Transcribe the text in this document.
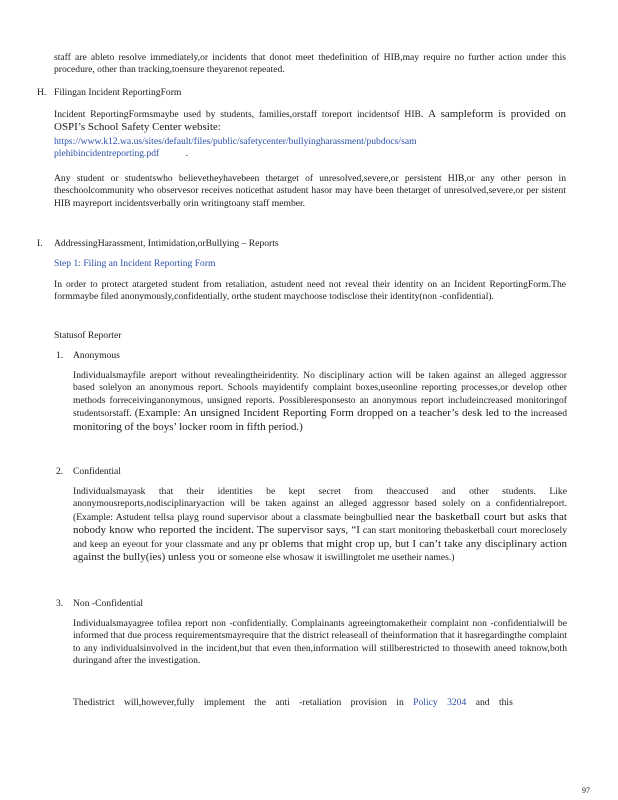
staff are ableto resolve immediately,or incidents that donot meet thedefinition of HIB,may require no further action under this procedure, other than tracking,toensure theyarenot repeated.
H. Filingan Incident ReportingForm
Incident ReportingFormsmaybe used by students, families,orstaff toreport incidentsof HIB. A sampleform is provided on OSPI’s School Safety Center website:
https://www.k12.wa.us/sites/default/files/public/safetycenter/bullyingharassment/pubdocs/sam
plehibincidentreporting.pdf	.
Any student or studentswho believetheyhavebeen thetarget of unresolved,severe,or persistent HIB,or any other person in theschoolcommunity who observesor receives noticethat astudent hasor may have been thetarget of unresolved,severe,or per sistent HIB mayreport incidentsverbally orin writingtoany staff member.
I. AddressingHarassment, Intimidation,orBullying – Reports
Step 1: Filing an Incident Reporting Form
In order to protect atargeted student from retaliation, astudent need not reveal their identity on an Incident ReportingForm.The formmaybe filed anonymously,confidentially, orthe student maychoose todisclose their identity(non -confidential).
Statusof Reporter
1. Anonymous
Individualsmayfile areport without revealingtheiridentity. No disciplinary action will be taken against an alleged aggressor based solelyon an anonymous report. Schools mayidentify complaint boxes,useonline reporting processes,or develop other methods forreceivinganonymous, unsigned reports. Possibleresponsesto an anonymous report includeincreased monitoringof studentsorstaff. (Example: An unsigned Incident Reporting Form dropped on a teacher’s desk led to the increased monitoring of the boys’ locker room in fifth period.)
2. Confidential
Individualsmayask that their identities be kept secret from theaccused and other students. Like anonymousreports,nodisciplinaryaction will be taken against an alleged aggressor based solely on a confidentialreport. (Example: Astudent tellsa playg round supervisor about a classmate beingbullied near the basketball court but asks that nobody know who reported the incident. The supervisor says, “I can start monitoring thebasketball court moreclosely and keep an eyeout for your classmate and any pr oblems that might crop up, but I can’t take any disciplinary action against the bully(ies) unless you or someone else whosaw it iswillingtolet me usetheir names.)
3. Non -Confidential
Individualsmayagree tofilea report non -confidentially. Complainants agreeingtomaketheir complaint non -confidentialwill be informed that due process requirementsmayrequire that the district releaseall of theinformation that it hasregardingthe complaint to any individualsinvolved in the incident,but that even then,information will stillberestricted to thosewith aneed toknow,both duringand after the investigation.
Thedistrict will,however,fully implement the anti -retaliation provision in Policy 3204 and this
97
